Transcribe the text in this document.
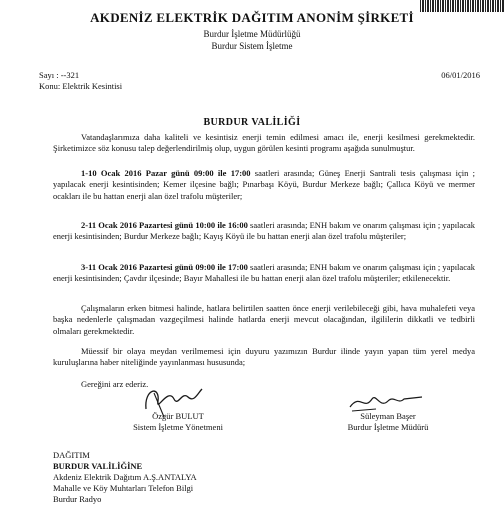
AKDENİZ ELEKTRİK DAĞITIM ANONİM ŞİRKETİ
Burdur İşletme Müdürlüğü
Burdur Sistem İşletme
Sayı : --321
Konu: Elektrik Kesintisi
06/01/2016
BURDUR VALİLİĞİ

Vatandaşlarımıza daha kaliteli ve kesintisiz enerji temin edilmesi amacı ile, enerji kesilmesi gerekmektedir. Şirketimizce söz konusu talep değerlendirilmiş olup, uygun görülen kesinti programı aşağıda sunulmuştur.

1-10 Ocak 2016 Pazar günü 09:00 ile 17:00 saatleri arasında; Güneş Enerji Santrali tesis çalışması için ; yapılacak enerji kesintisinden; Kemer ilçesine bağlı; Pınarbaşı Köyü, Burdur Merkeze bağlı; Çallıca Köyü ve mermer ocakları ile bu hattan enerji alan özel trafolu müşteriler;

2-11 Ocak 2016 Pazartesi günü 10:00 ile 16:00 saatleri arasında; ENH bakım ve onarım çalışması için ; yapılacak enerji kesintisinden; Burdur Merkeze bağlı; Kayış Köyü ile bu hattan enerji alan özel trafolu müşteriler;

3-11 Ocak 2016 Pazartesi günü 09:00 ile 17:00 saatleri arasında; ENH bakım ve onarım çalışması için ; yapılacak enerji kesintisinden; Çavdır ilçesinde; Bayır Mahallesi ile bu hattan enerji alan özel trafolu müşteriler; etkilenecektir.

Çalışmaların erken bitmesi halinde, hatlara belirtilen saatten önce enerji verilebileceği gibi, hava muhalefeti veya başka nedenlerle çalışmadan vazgeçilmesi halinde hatlarda enerji mevcut olacağından, ilgililerin dikkatli ve tedbirli olmaları gerekmektedir.

Müessif bir olaya meydan verilmemesi için duyuru yazımızın Burdur ilinde yayın yapan tüm yerel medya kuruluşlarına haber niteliğinde yayınlanması hususunda;

Gereğini arz ederiz.

Özgür BULUT
Sistem İşletme Yönetmeni
Süleyman Başer
Burdur İşletme Müdürü
DAĞITIM
BURDUR VALİLİĞİNE
Akdeniz Elektrik Dağıtım A.Ş.ANTALYA
Mahalle ve Köy Muhtarları Telefon Bilgi
Burdur Radyo
